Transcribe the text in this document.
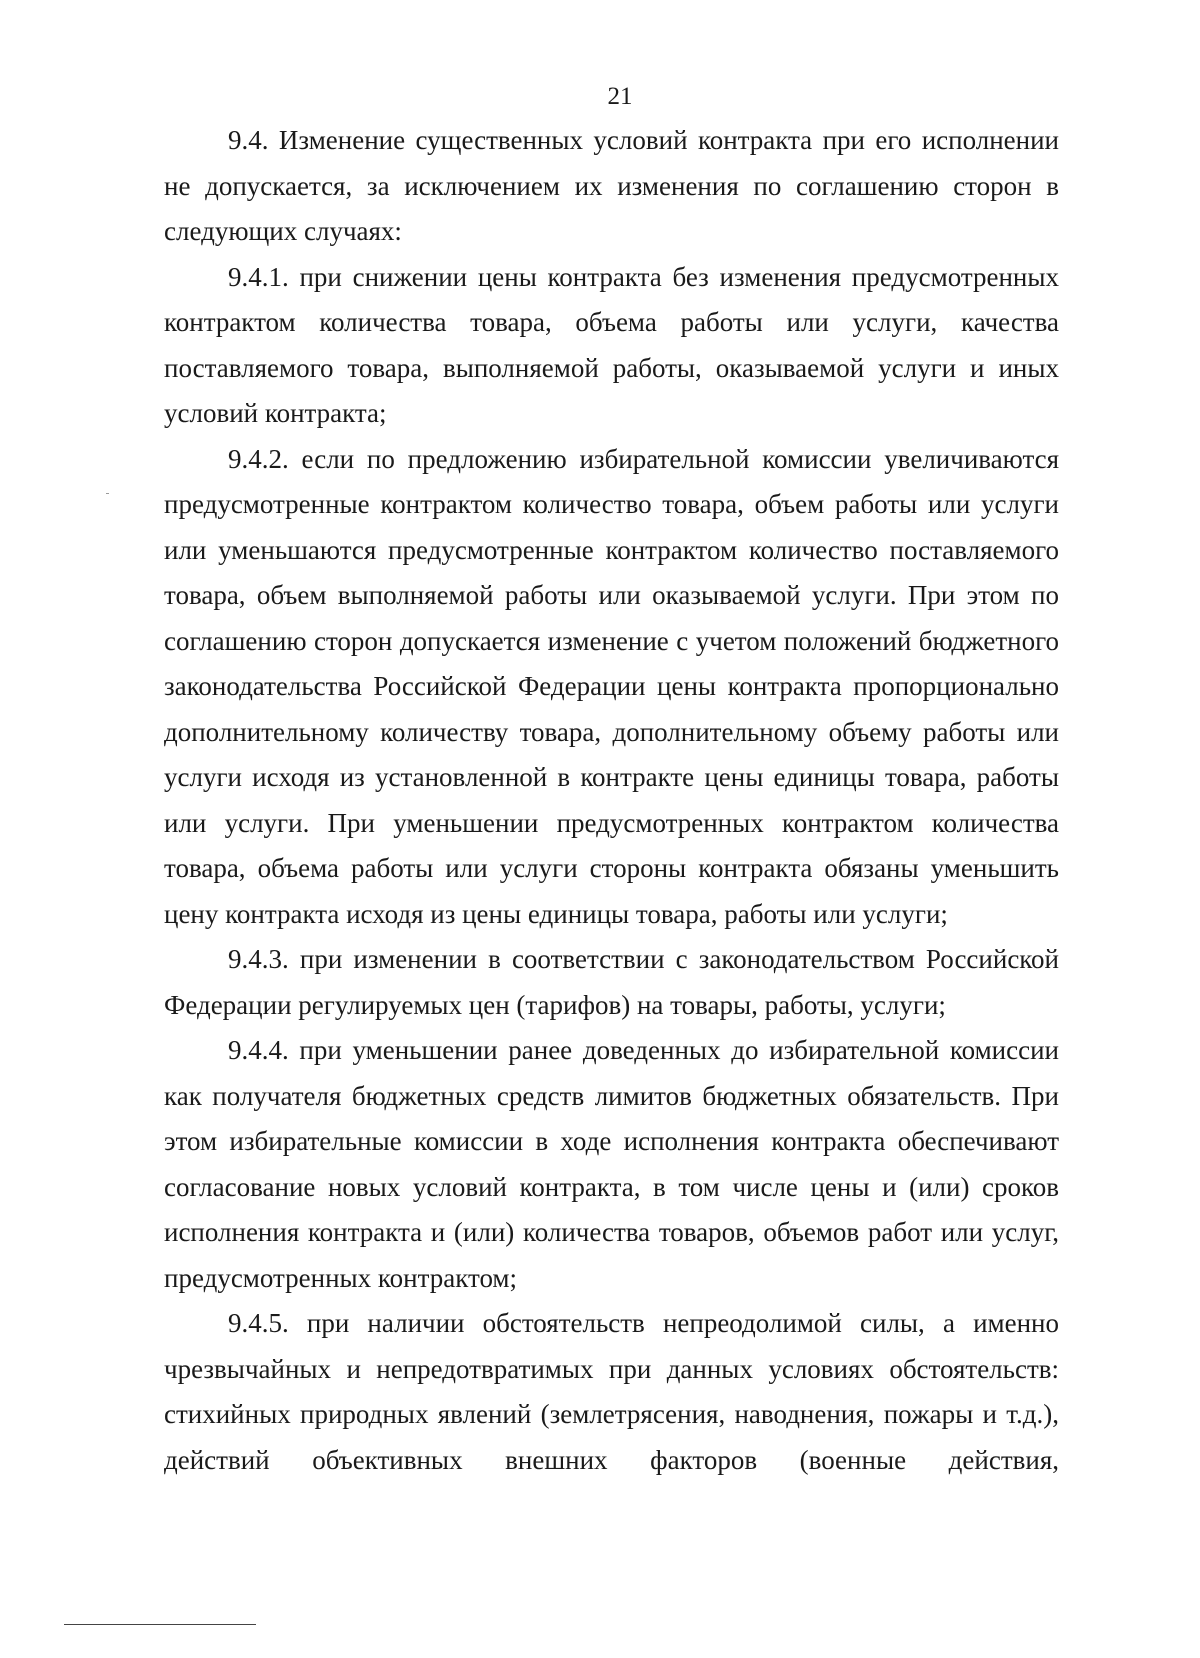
21

9.4. Изменение существенных условий контракта при его исполнении не допускается, за исключением их изменения по соглашению сторон в следующих случаях:

9.4.1. при снижении цены контракта без изменения предусмотренных контрактом количества товара, объема работы или услуги, качества поставляемого товара, выполняемой работы, оказываемой услуги и иных условий контракта;

9.4.2. если по предложению избирательной комиссии увеличиваются предусмотренные контрактом количество товара, объем работы или услуги или уменьшаются предусмотренные контрактом количество поставляемого товара, объем выполняемой работы или оказываемой услуги. При этом по соглашению сторон допускается изменение с учетом положений бюджетного законодательства Российской Федерации цены контракта пропорционально дополнительному количеству товара, дополнительному объему работы или услуги исходя из установленной в контракте цены единицы товара, работы или услуги. При уменьшении предусмотренных контрактом количества товара, объема работы или услуги стороны контракта обязаны уменьшить цену контракта исходя из цены единицы товара, работы или услуги;

9.4.3. при изменении в соответствии с законодательством Российской Федерации регулируемых цен (тарифов) на товары, работы, услуги;

9.4.4. при уменьшении ранее доведенных до избирательной комиссии как получателя бюджетных средств лимитов бюджетных обязательств. При этом избирательные комиссии в ходе исполнения контракта обеспечивают согласование новых условий контракта, в том числе цены и (или) сроков исполнения контракта и (или) количества товаров, объемов работ или услуг, предусмотренных контрактом;

9.4.5. при наличии обстоятельств непреодолимой силы, а именно чрезвычайных и непредотвратимых при данных условиях обстоятельств: стихийных природных явлений (землетрясения, наводнения, пожары и т.д.), действий объективных внешних факторов (военные действия,
